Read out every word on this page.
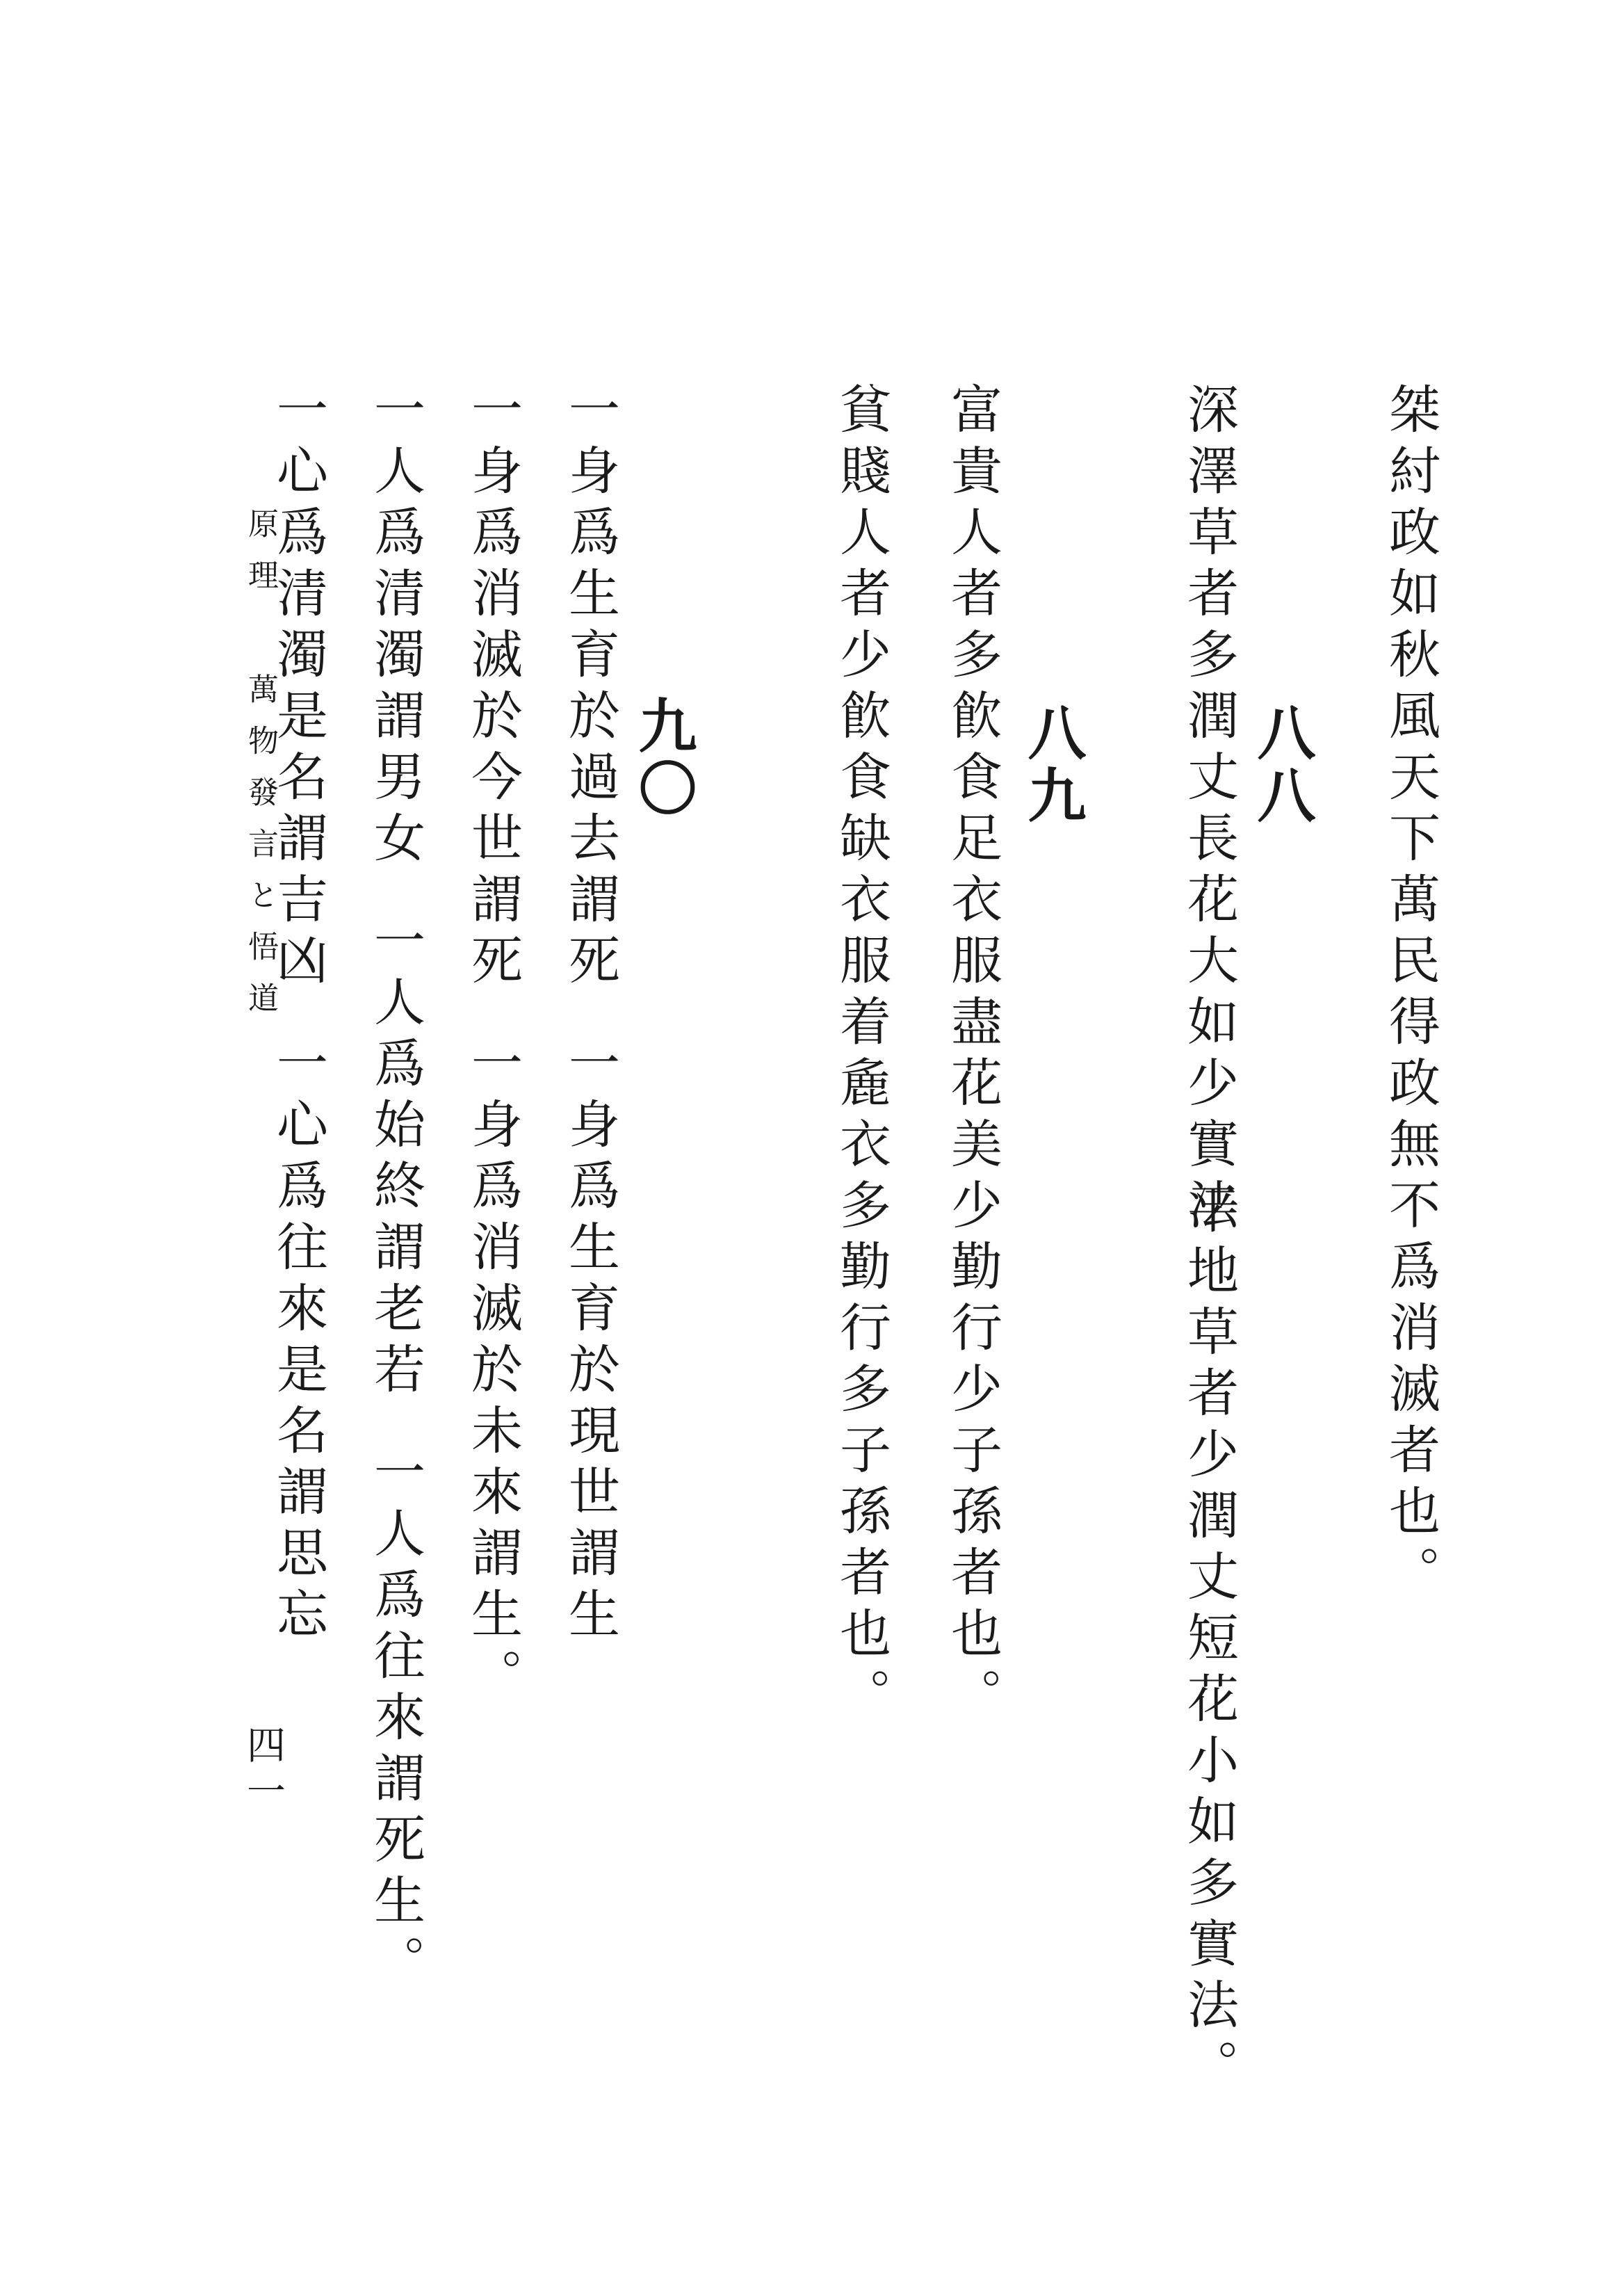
桀紂政如秋風天下萬民得政無不爲消滅者也。
八八
深澤草者多潤丈長花大如少實法
平地草者少潤丈短花小如多實法。
八九
富貴人者多飮食足衣服盡花美少勤行少子孫者也。
貧賤人者少飮食缺衣服着麁衣多勤行多子孫者也。
九〇
一身爲生育於過去謂死一身爲生育於現世謂生
一身爲消滅於今世謂死一身爲消滅於未來謂生。
一人爲清濁謂男女一人爲始終謂老若一人爲往來謂死生。
一心爲清濁是名謂吉凶一心爲往來是名謂思忘
原理萬物發言と悟道
四一
